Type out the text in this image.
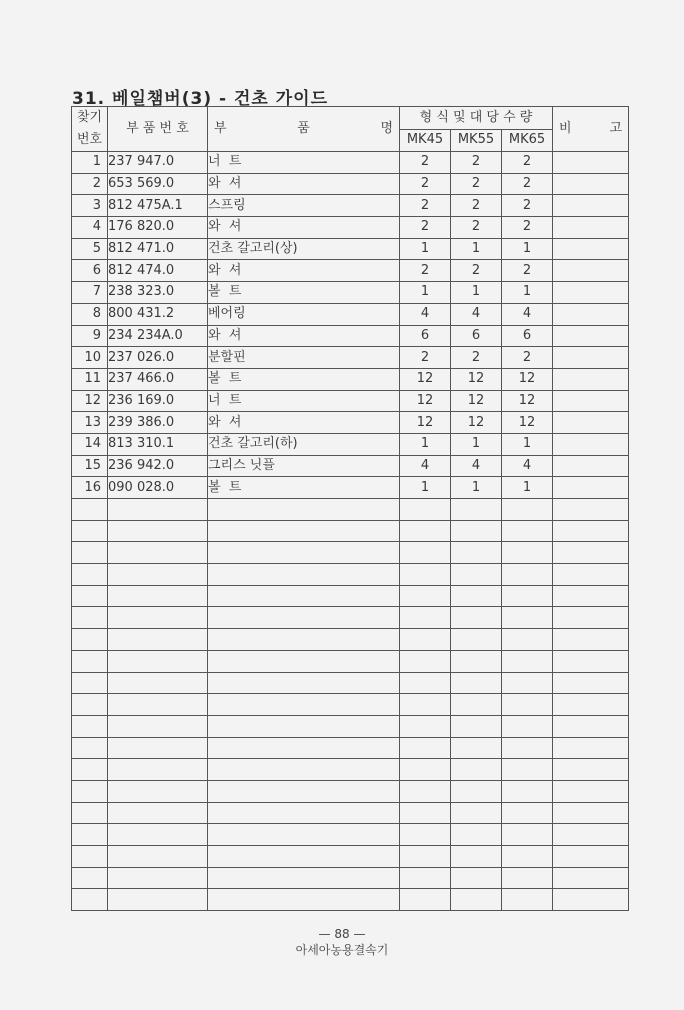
31. 베일챔버(3) - 건초 가이드
찾기
번호	부 품 번 호	부 품 명	형 식 및 대 당 수 량			비 고

			MK45	MK55	MK65	
1	237 947.0	너  트	2	2	2	
2	653 569.0	와  셔	2	2	2	
3	812 475A.1	스프링	2	2	2	
4	176 820.0	와  셔	2	2	2	
5	812 471.0	건초 갈고리(상)	1	1	1	
6	812 474.0	와  셔	2	2	2	
7	238 323.0	볼  트	1	1	1	
8	800 431.2	베어링	4	4	4	
9	234 234A.0	와  셔	6	6	6	
10	237 026.0	분할핀	2	2	2	
11	237 466.0	볼  트	12	12	12	
12	236 169.0	너  트	12	12	12	
13	239 386.0	와  셔	12	12	12	
14	813 310.1	건초 갈고리(하)	1	1	1	
15	236 942.0	그리스 닛플	4	4	4	
16	090 028.0	볼  트	1	1	1	

— 88 —
아세아농용결속기
